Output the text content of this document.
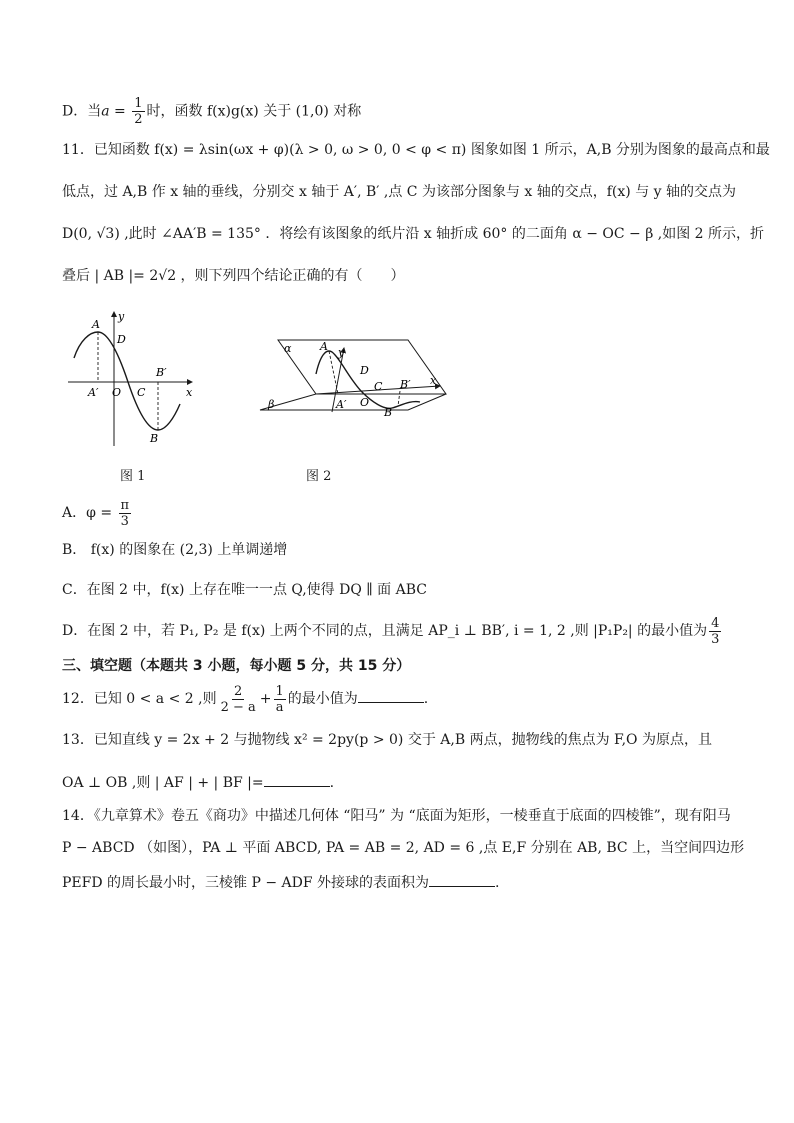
D．当$a = \frac{1}{2}$ 时，函数 f(x)g(x) 关于 (1,0) 对称
11．已知函数 f(x) = λsin(ωx + φ)(λ > 0, ω > 0, 0 < φ < π) 图象如图 1 所示，A,B 分别为图象的最高点和最
低点，过 A,B 作 x 轴的垂线，分别交 x 轴于 A′, B′ ,点 C 为该部分图象与 x 轴的交点，f(x) 与 y 轴的交点为
D(0, √3) ,此时 ∠AA′B = 135° ．将绘有该图象的纸片沿 x 轴折成 60° 的二面角 α − OC − β ,如图 2 所示，折
叠后 | AB |= 2√2 ，则下列四个结论正确的有（　　）
A
y
D
B′
A′ O C	x
B
图 1
α	A y
D
C B′ x
A′ O
B
β
图 2
A．$\varphi = \frac{\pi}{3}$
B． f(x) 的图象在 (2,3) 上单调递增
C．在图 2 中，f(x) 上存在唯一一点 Q,使得 DQ ∥ 面 ABC
D．在图 2 中，若 P₁, P₂ 是 f(x) 上两个不同的点，且满足 AP_i ⊥ BB′, i = 1, 2 ,则 |P₁P₂| 的最小值为 $\frac{4}{3}$
三、填空题（本题共 3 小题，每小题 5 分，共 15 分）
12．已知 0 < a < 2 ,则 $\frac{2}{2 - a} + \frac{1}{a}$ 的最小值为	.
13．已知直线 y = 2x + 2 与抛物线 x² = 2py(p > 0) 交于 A,B 两点，抛物线的焦点为 F,O 为原点，且
OA ⊥ OB ,则 | AF | + | BF |=	.
14．《九章算术》卷五《商功》中描述几何体 “阳马” 为 “底面为矩形，一棱垂直于底面的四棱锥”，现有阳马
P − ABCD （如图），PA ⊥ 平面 ABCD, PA = AB = 2, AD = 6 ,点 E,F 分别在 AB, BC 上，当空间四边形
PEFD 的周长最小时，三棱锥 P − ADF 外接球的表面积为	.
